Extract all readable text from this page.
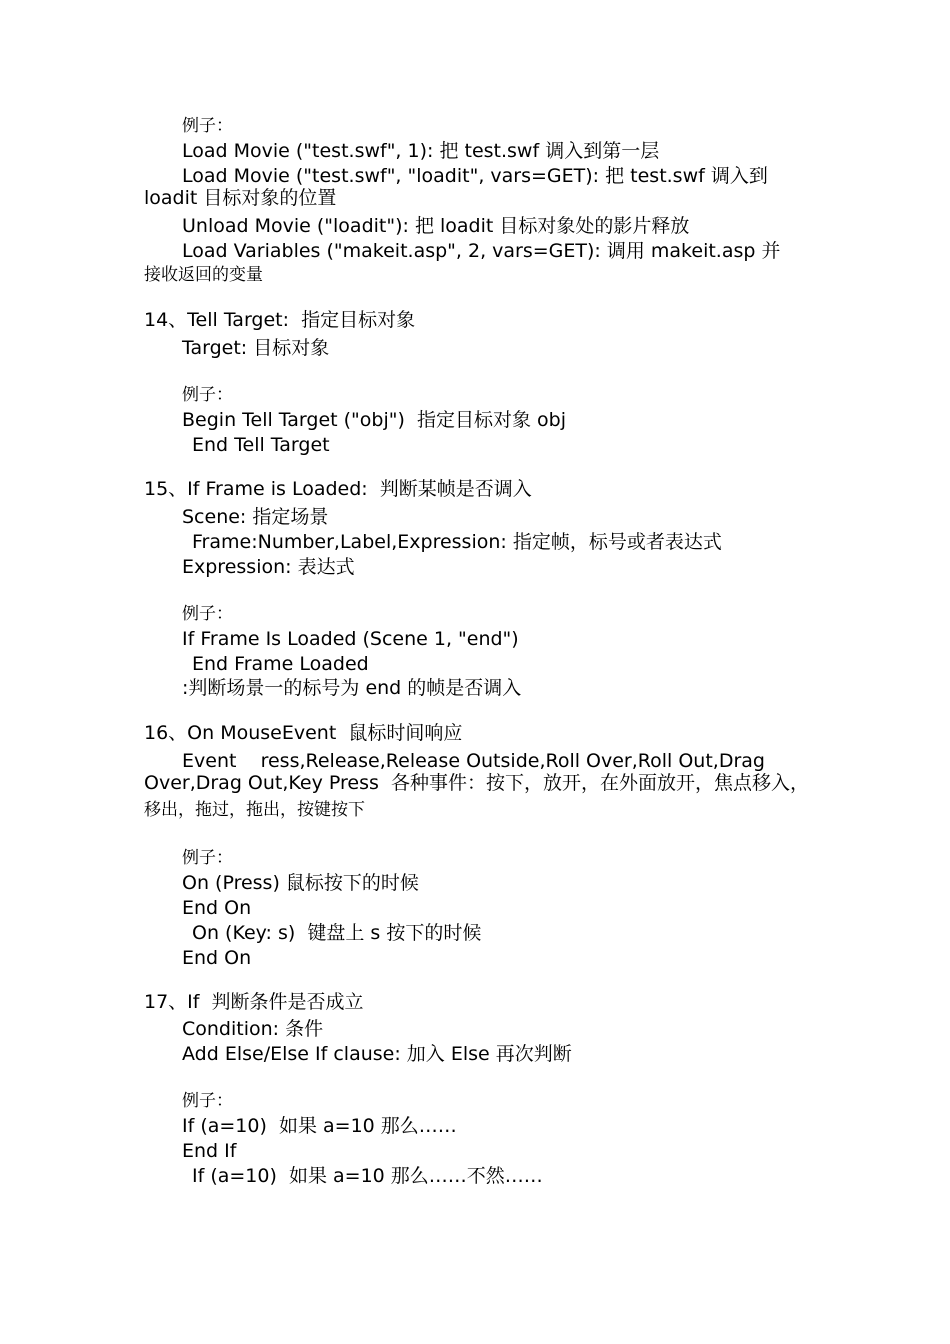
例子：
Load Movie ("test.swf", 1): 把 test.swf 调入到第一层
Load Movie ("test.swf", "loadit", vars=GET): 把 test.swf 调入到
loadit 目标对象的位置
Unload Movie ("loadit"): 把 loadit 目标对象处的影片释放
Load Variables ("makeit.asp", 2, vars=GET): 调用 makeit.asp 并
接收返回的变量
14、Tell Target:  指定目标对象
Target: 目标对象
例子：
Begin Tell Target ("obj")  指定目标对象 obj
End Tell Target
15、If Frame is Loaded:  判断某帧是否调入
Scene: 指定场景
Frame:Number,Label,Expression: 指定帧，标号或者表达式
Expression: 表达式
例子：
If Frame Is Loaded (Scene 1, "end")
End Frame Loaded
:判断场景一的标号为 end 的帧是否调入
16、On MouseEvent  鼠标时间响应
Event    ress,Release,Release Outside,Roll Over,Roll Out,Drag
Over,Drag Out,Key Press  各种事件：按下，放开，在外面放开，焦点移入，
移出，拖过，拖出，按键按下
例子：
On (Press) 鼠标按下的时候
End On
On (Key: s)  键盘上 s 按下的时候
End On
17、If  判断条件是否成立
Condition: 条件
Add Else/Else If clause: 加入 Else 再次判断
例子：
If (a=10)  如果 a=10 那么……
End If
If (a=10)  如果 a=10 那么……不然……
